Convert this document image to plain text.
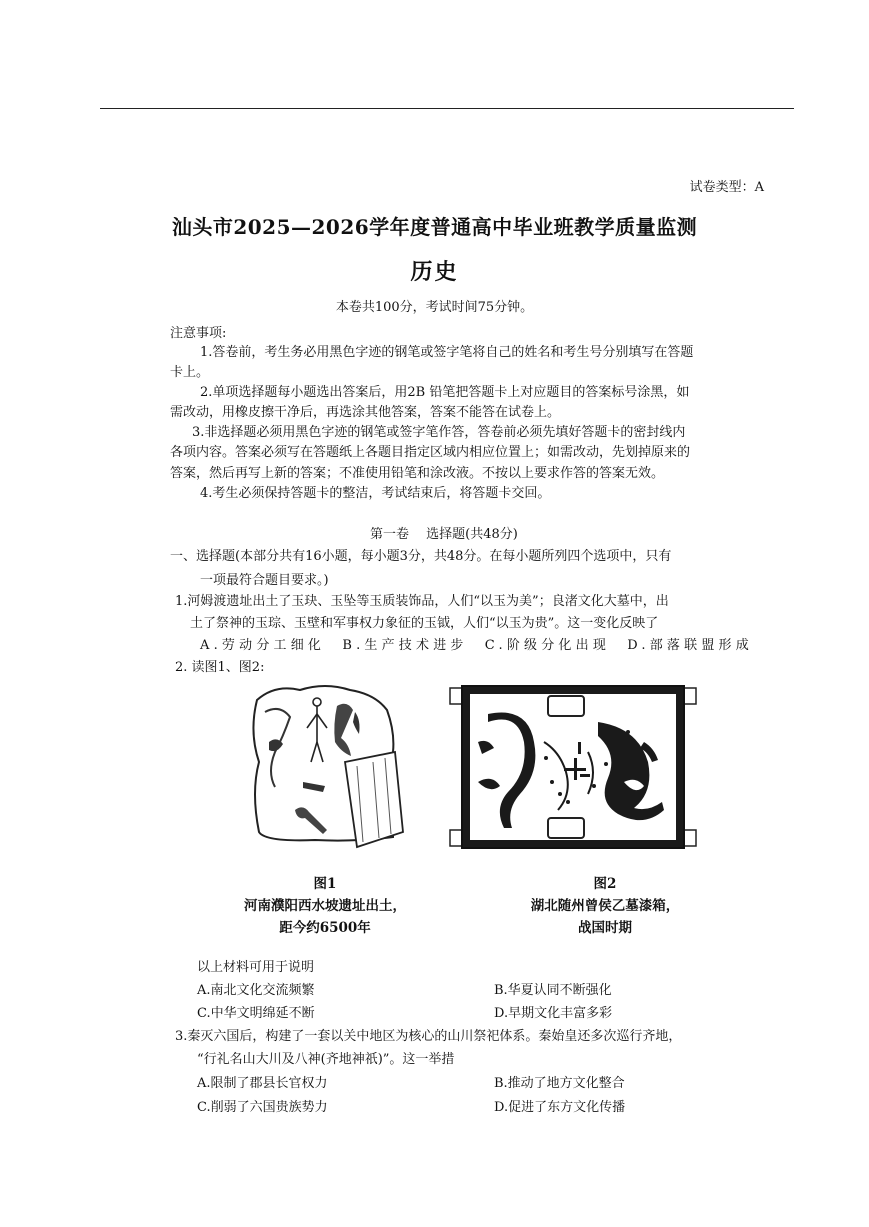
试卷类型：A
汕头市2025—2026学年度普通高中毕业班教学质量监测
历史
本卷共100分，考试时间75分钟。
注意事项:
1.答卷前，考生务必用黑色字迹的钢笔或签字笔将自己的姓名和考生号分别填写在答题
卡上。
2.单项选择题每小题选出答案后，用2B 铅笔把答题卡上对应题目的答案标号涂黑，如
需改动，用橡皮擦干净后，再选涂其他答案，答案不能答在试卷上。
3.非选择题必须用黑色字迹的钢笔或签字笔作答，答卷前必须先填好答题卡的密封线内
各项内容。答案必须写在答题纸上各题目指定区域内相应位置上；如需改动，先划掉原来的
答案，然后再写上新的答案；不准使用铅笔和涂改液。不按以上要求作答的答案无效。
4.考生必须保持答题卡的整洁，考试结束后，将答题卡交回。
第一卷　 选择题(共48分)
一、选择题(本部分共有16小题，每小题3分，共48分。在每小题所列四个选项中，只有
一项最符合题目要求。)
1.河姆渡遗址出土了玉玦、玉坠等玉质装饰品，人们“以玉为美”；良渚文化大墓中，出
土了祭神的玉琮、玉壁和军事权力象征的玉钺，人们“以玉为贵”。这一变化反映了
A.劳动分工细化　B.生产技术进步　C.阶级分化出现　D.部落联盟形成
2. 读图1、图2:
图1
河南濮阳西水坡遗址出土，
距今约6500年
图2
湖北随州曾侯乙墓漆箱，
战国时期
以上材料可用于说明
A.南北文化交流频繁	B.华夏认同不断强化
C.中华文明绵延不断	D.早期文化丰富多彩
3.秦灭六国后，构建了一套以关中地区为核心的山川祭祀体系。秦始皇还多次巡行齐地，
“行礼名山大川及八神(齐地神祇)”。这一举措
A.限制了郡县长官权力	B.推动了地方文化整合
C.削弱了六国贵族势力	D.促进了东方文化传播
